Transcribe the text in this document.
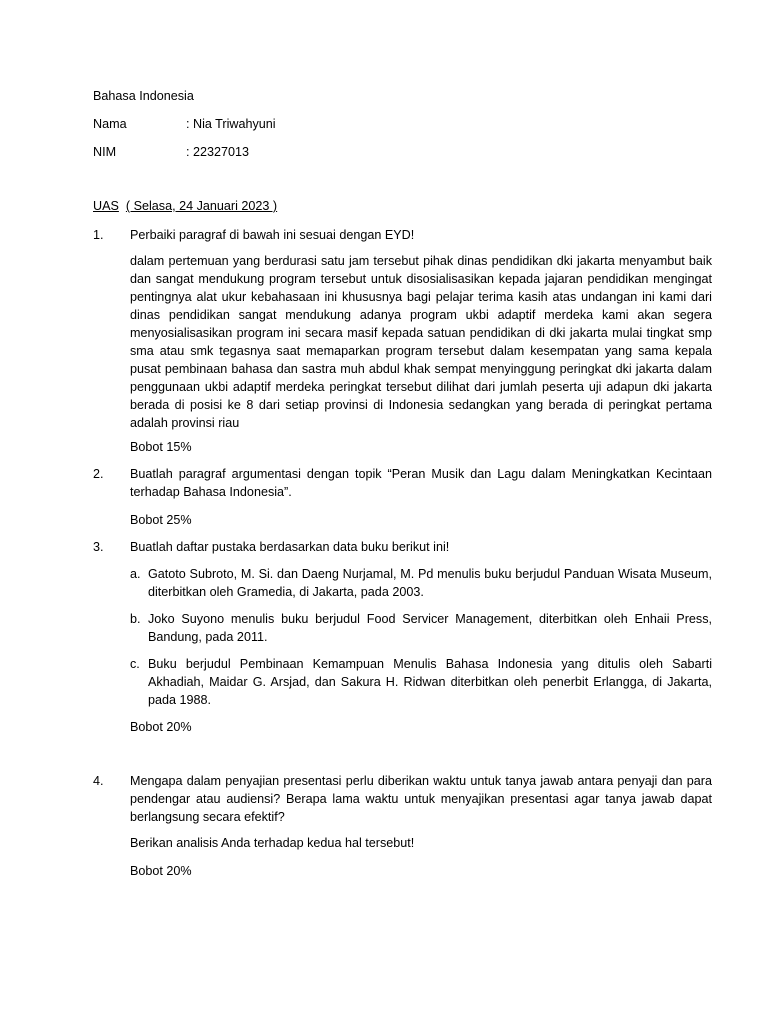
Bahasa Indonesia
Nama	: Nia Triwahyuni
NIM	: 22327013
UAS ( Selasa, 24 Januari 2023 )
1. Perbaiki paragraf di bawah ini sesuai dengan EYD!
dalam pertemuan yang berdurasi satu jam tersebut pihak dinas pendidikan dki jakarta menyambut baik dan sangat mendukung program tersebut untuk disosialisasikan kepada jajaran pendidikan mengingat pentingnya alat ukur kebahasaan ini khususnya bagi pelajar terima kasih atas undangan ini kami dari dinas pendidikan sangat mendukung adanya program ukbi adaptif merdeka kami akan segera menyosialisasikan program ini secara masif kepada satuan pendidikan di dki jakarta mulai tingkat smp sma atau smk tegasnya saat memaparkan program tersebut dalam kesempatan yang sama kepala pusat pembinaan bahasa dan sastra muh abdul khak sempat menyinggung peringkat dki jakarta dalam penggunaan ukbi adaptif merdeka peringkat tersebut dilihat dari jumlah peserta uji adapun dki jakarta berada di posisi ke 8 dari setiap provinsi di Indonesia sedangkan yang berada di peringkat pertama adalah provinsi riau
Bobot 15%
2. Buatlah paragraf argumentasi dengan topik “Peran Musik dan Lagu dalam Meningkatkan Kecintaan terhadap Bahasa Indonesia”.
Bobot 25%
3. Buatlah daftar pustaka berdasarkan data buku berikut ini!
a. Gatoto Subroto, M. Si. dan Daeng Nurjamal, M. Pd menulis buku berjudul Panduan Wisata Museum, diterbitkan oleh Gramedia, di Jakarta, pada 2003.
b. Joko Suyono menulis buku berjudul Food Servicer Management, diterbitkan oleh Enhaii Press, Bandung, pada 2011.
c. Buku berjudul Pembinaan Kemampuan Menulis Bahasa Indonesia yang ditulis oleh Sabarti Akhadiah, Maidar G. Arsjad, dan Sakura H. Ridwan diterbitkan oleh penerbit Erlangga, di Jakarta, pada 1988.
Bobot 20%
4. Mengapa dalam penyajian presentasi perlu diberikan waktu untuk tanya jawab antara penyaji dan para pendengar atau audiensi? Berapa lama waktu untuk menyajikan presentasi agar tanya jawab dapat berlangsung secara efektif?
Berikan analisis Anda terhadap kedua hal tersebut!
Bobot 20%
